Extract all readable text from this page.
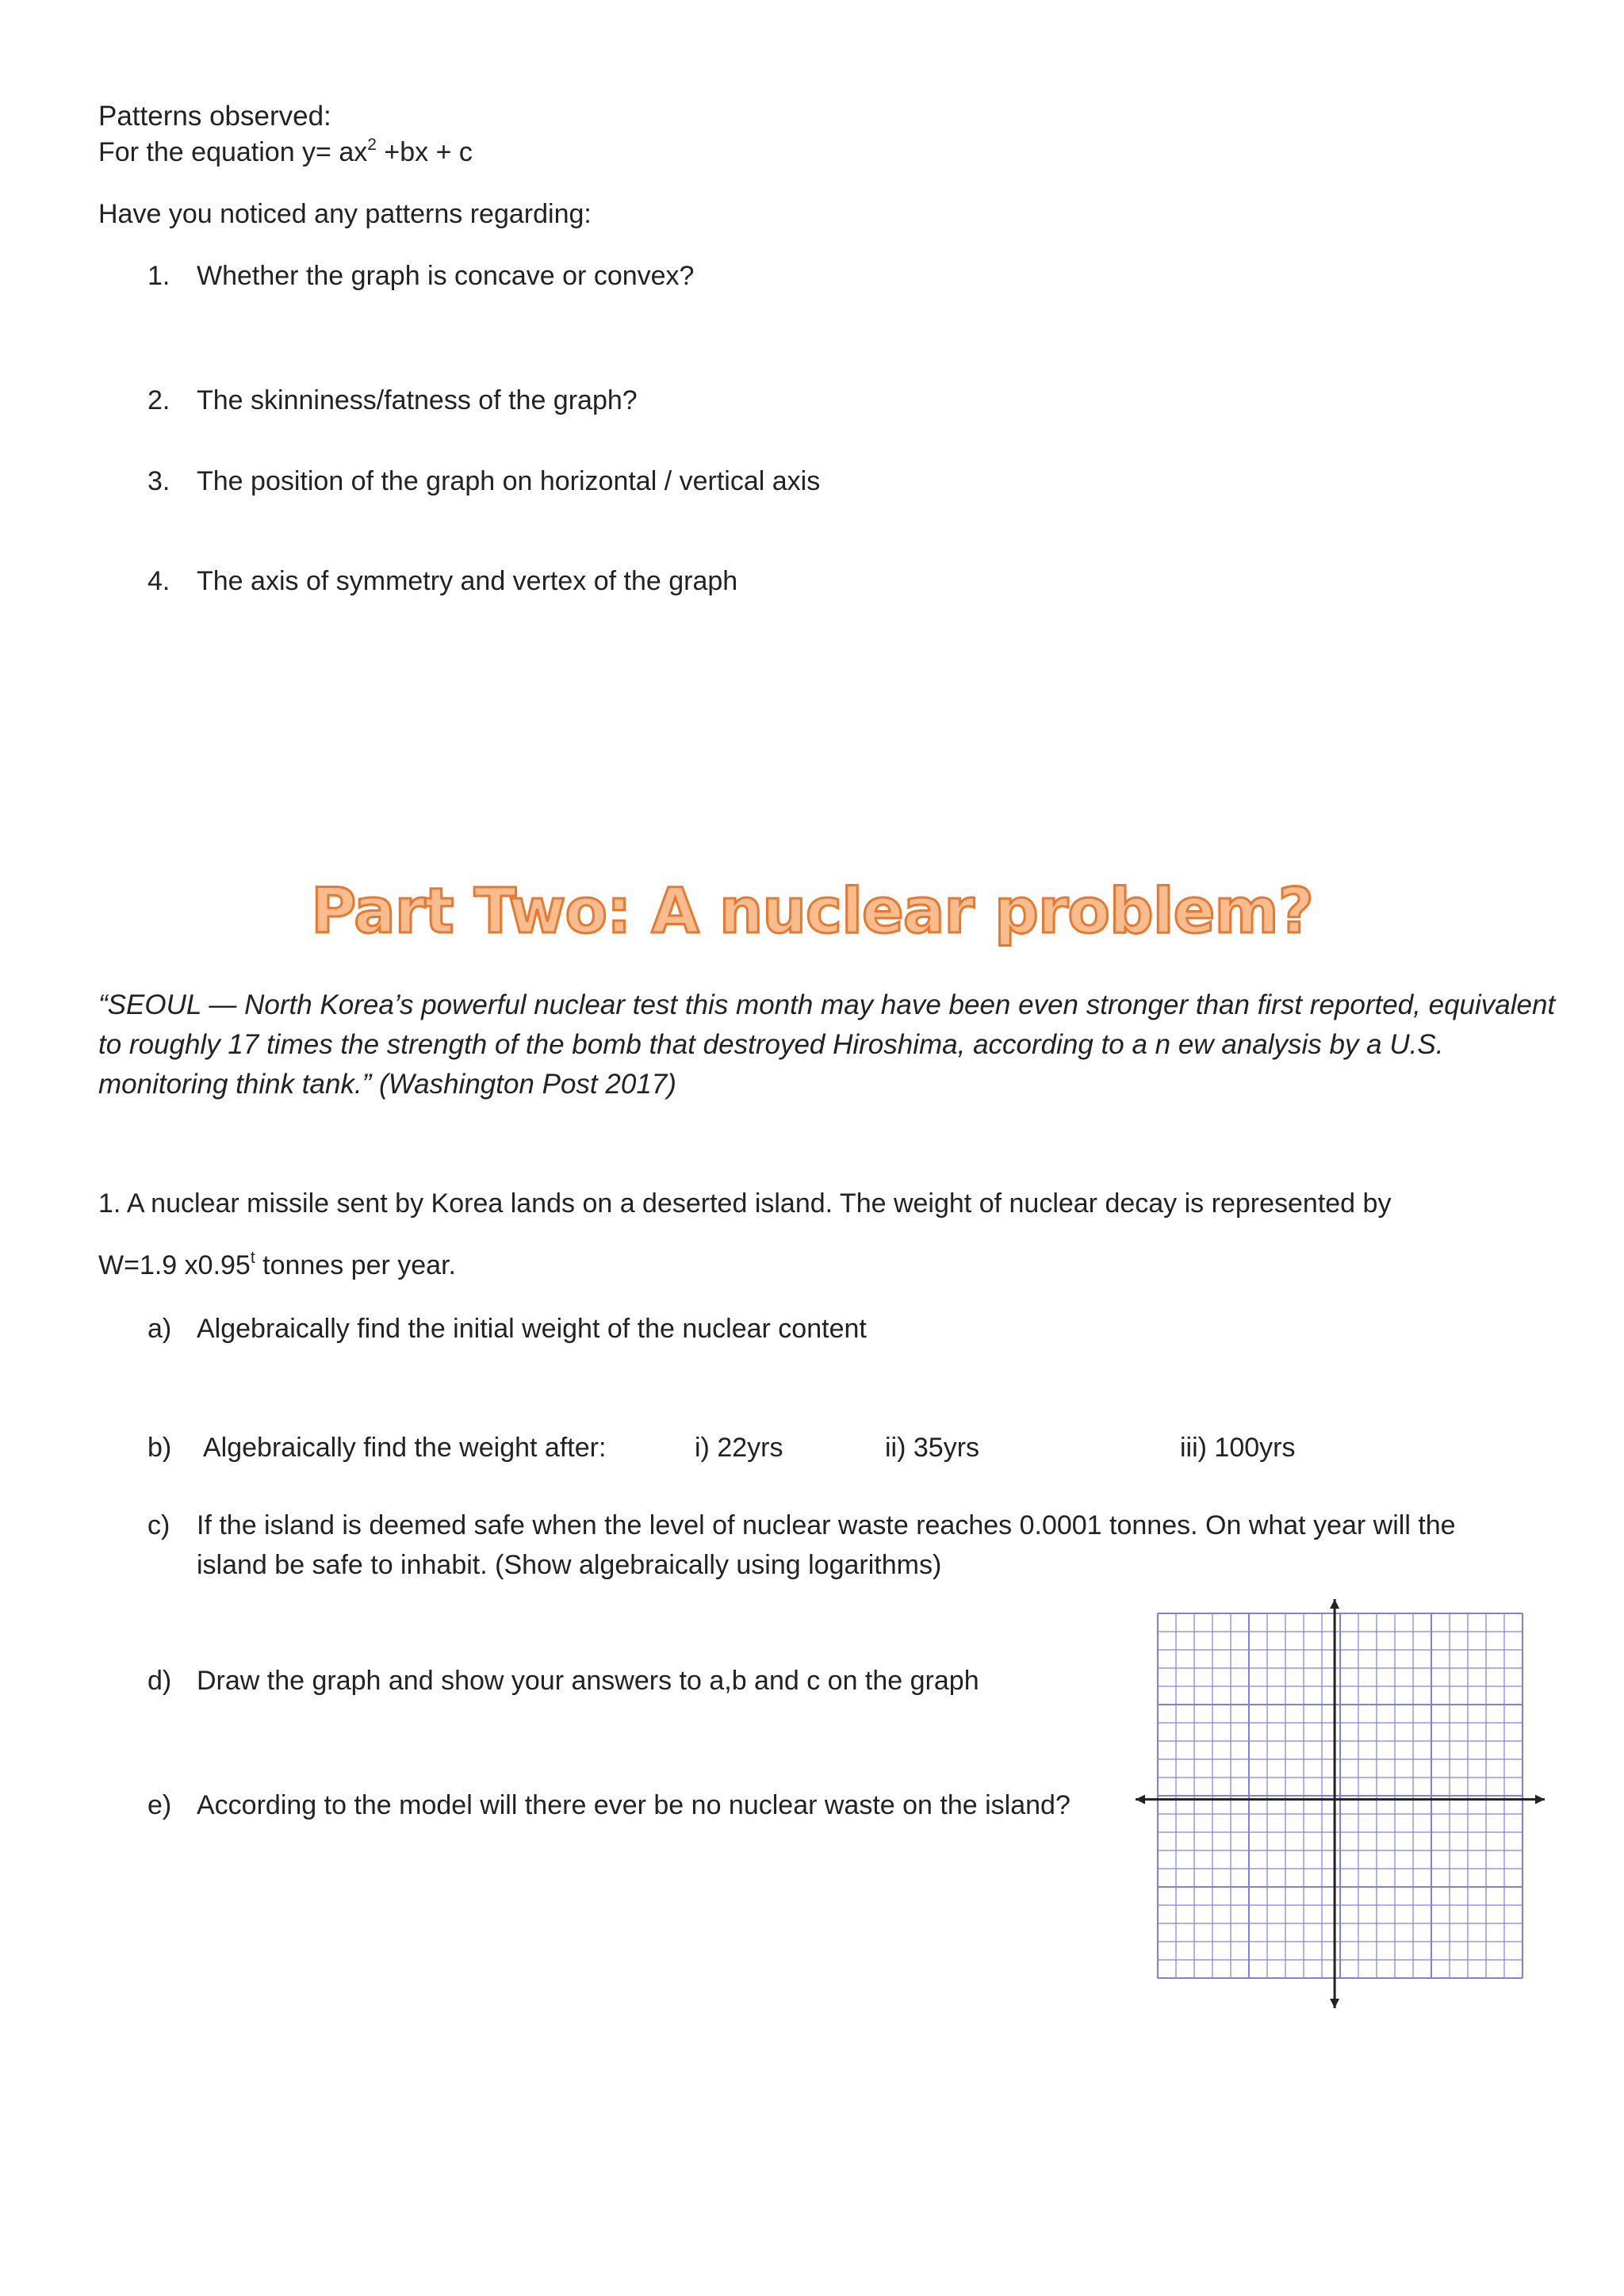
Patterns observed:
For the equation $y= ax^2 +bx + c$
Have you noticed any patterns regarding:
1. Whether the graph is concave or convex?
2. The skinniness/fatness of the graph?
3. The position of the graph on horizontal / vertical axis
4. The axis of symmetry and vertex of the graph
Part Two: A nuclear problem?
“SEOUL — North Korea’s powerful nuclear test this month may have been even stronger than first reported, equivalent
to roughly 17 times the strength of the bomb that destroyed Hiroshima, according to a n ew analysis by a U.S.
monitoring think tank.” (Washington Post 2017)
1. A nuclear missile sent by Korea lands on a deserted island. The weight of nuclear decay is represented by
W=1.9 x0.95$^t$ tonnes per year.
a) Algebraically find the initial weight of the nuclear content
b) Algebraically find the weight after:	i) 22yrs	ii) 35yrs	iii) 100yrs
c) If the island is deemed safe when the level of nuclear waste reaches 0.0001 tonnes. On what year will the
island be safe to inhabit. (Show algebraically using logarithms)
d) Draw the graph and show your answers to a,b and c on the graph
e) According to the model will there ever be no nuclear waste on the island?
